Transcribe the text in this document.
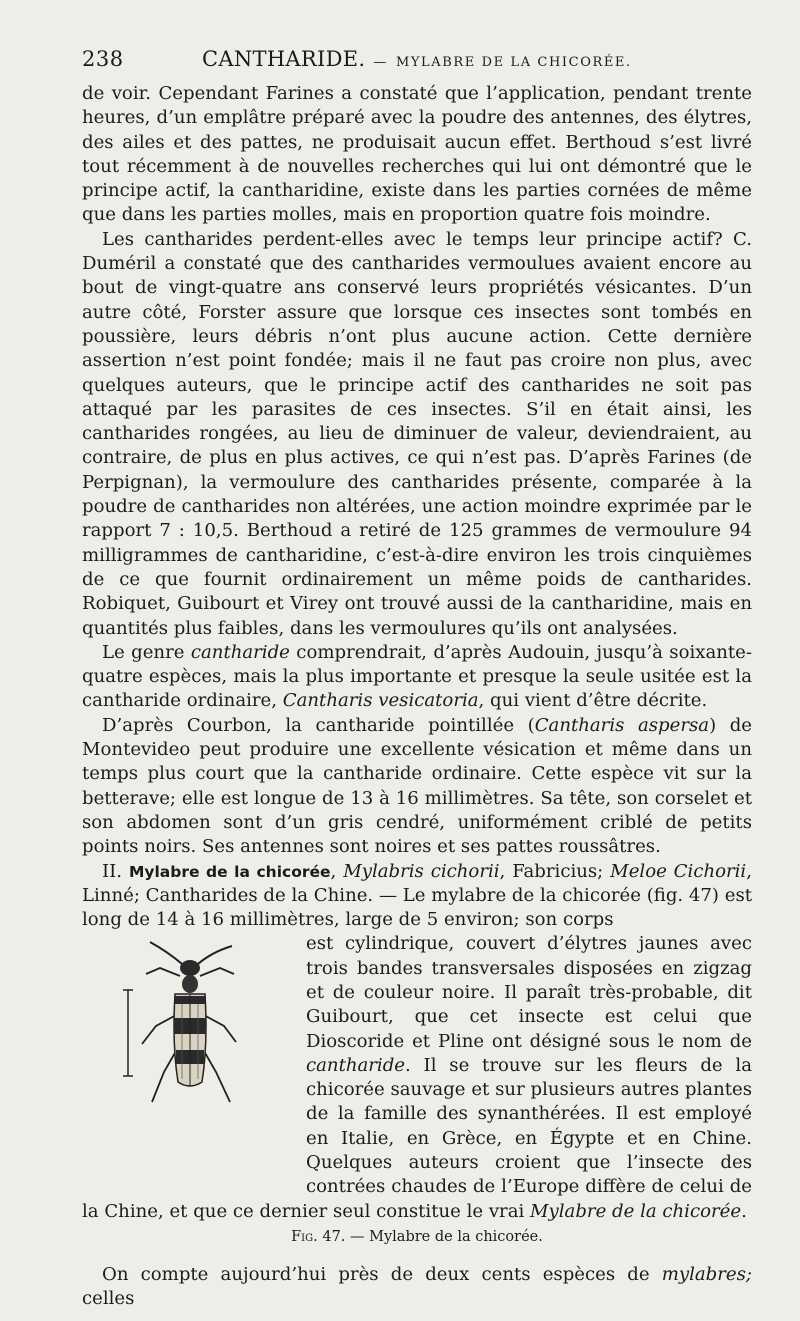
238	CANTHARIDE. — MYLABRE DE LA CHICORÉE.

de voir. Cependant Farines a constaté que l’application, pendant trente heures, d’un emplâtre préparé avec la poudre des antennes, des élytres, des ailes et des pattes, ne produisait aucun effet. Berthoud s’est livré tout récemment à de nouvelles recherches qui lui ont démontré que le principe actif, la cantharidine, existe dans les parties cornées de même que dans les parties molles, mais en proportion quatre fois moindre.

Les cantharides perdent-elles avec le temps leur principe actif? C. Duméril a constaté que des cantharides vermoulues avaient encore au bout de vingt-quatre ans conservé leurs propriétés vésicantes. D’un autre côté, Forster assure que lorsque ces insectes sont tombés en poussière, leurs débris n’ont plus aucune action. Cette dernière assertion n’est point fondée; mais il ne faut pas croire non plus, avec quelques auteurs, que le principe actif des cantharides ne soit pas attaqué par les parasites de ces insectes. S’il en était ainsi, les cantharides rongées, au lieu de diminuer de valeur, deviendraient, au contraire, de plus en plus actives, ce qui n’est pas. D’après Farines (de Perpignan), la vermoulure des cantharides présente, comparée à la poudre de cantharides non altérées, une action moindre exprimée par le rapport 7 : 10,5. Berthoud a retiré de 125 grammes de vermoulure 94 milligrammes de cantharidine, c’est-à-dire environ les trois cinquièmes de ce que fournit ordinairement un même poids de cantharides. Robiquet, Guibourt et Virey ont trouvé aussi de la cantharidine, mais en quantités plus faibles, dans les vermoulures qu’ils ont analysées.

Le genre cantharide comprendrait, d’après Audouin, jusqu’à soixante-quatre espèces, mais la plus importante et presque la seule usitée est la cantharide ordinaire, Cantharis vesicatoria, qui vient d’être décrite.

D’après Courbon, la cantharide pointillée (Cantharis aspersa) de Montevideo peut produire une excellente vésication et même dans un temps plus court que la cantharide ordinaire. Cette espèce vit sur la betterave; elle est longue de 13 à 16 millimètres. Sa tête, son corselet et son abdomen sont d’un gris cendré, uniformément criblé de petits points noirs. Ses antennes sont noires et ses pattes roussâtres.

II. Mylabre de la chicorée, Mylabris cichorii, Fabricius; Meloe Cichorii, Linné; Cantharides de la Chine. — Le mylabre de la chicorée (fig. 47) est long de 14 à 16 millimètres, large de 5 environ; son corps

est cylindrique, couvert d’élytres jaunes avec trois bandes transversales disposées en zigzag et de couleur noire. Il paraît très-probable, dit Guibourt, que cet insecte est celui que Dioscoride et Pline ont désigné sous le nom de cantharide. Il se trouve sur les fleurs de la chicorée sauvage et sur plusieurs autres plantes de la famille des synanthérées. Il est employé en Italie, en Grèce, en Égypte et en Chine. Quelques auteurs croient que l’insecte des contrées chaudes de l’Europe diffère de celui de la Chine, et que ce dernier seul constitue le vrai Mylabre de la chicorée.

Fig. 47. — Mylabre de la chicorée.

On compte aujourd’hui près de deux cents espèces de mylabres; celles
